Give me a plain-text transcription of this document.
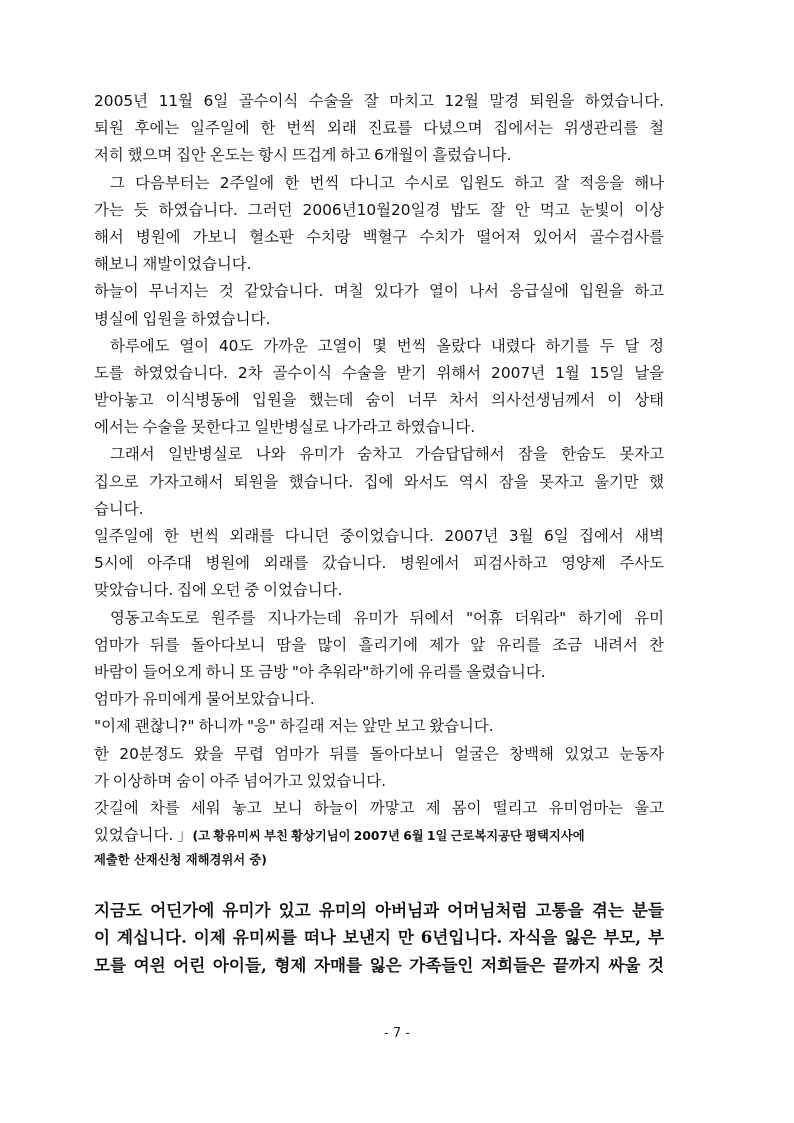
2005년 11월 6일 골수이식 수술을 잘 마치고 12월 말경 퇴원을 하였습니다.
퇴원 후에는 일주일에 한 번씩 외래 진료를 다녔으며 집에서는 위생관리를 철
저히 했으며 집안 온도는 항시 뜨겁게 하고 6개월이 흘렀습니다.
그 다음부터는 2주일에 한 번씩 다니고 수시로 입원도 하고 잘 적응을 해나
가는 듯 하였습니다. 그러던 2006년10월20일경 밥도 잘 안 먹고 눈빛이 이상
해서 병원에 가보니 혈소판 수치랑 백혈구 수치가 떨어져 있어서 골수검사를
해보니 재발이었습니다.
하늘이 무너지는 것 같았습니다. 며칠 있다가 열이 나서 응급실에 입원을 하고
병실에 입원을 하였습니다.
하루에도 열이 40도 가까운 고열이 몇 번씩 올랐다 내렸다 하기를 두 달 정
도를 하였었습니다. 2차 골수이식 수술을 받기 위해서 2007년 1월 15일 날을
받아놓고 이식병동에 입원을 했는데 숨이 너무 차서 의사선생님께서 이 상태
에서는 수술을 못한다고 일반병실로 나가라고 하였습니다.
그래서 일반병실로 나와 유미가 숨차고 가슴답답해서 잠을 한숨도 못자고
집으로 가자고해서 퇴원을 했습니다. 집에 와서도 역시 잠을 못자고 울기만 했
습니다.
일주일에 한 번씩 외래를 다니던 중이었습니다. 2007년 3월 6일 집에서 새벽
5시에 아주대 병원에 외래를 갔습니다. 병원에서 피검사하고 영양제 주사도
맞았습니다. 집에 오던 중 이었습니다.
영동고속도로 원주를 지나가는데 유미가 뒤에서 "어휴 더워라" 하기에 유미
엄마가 뒤를 돌아다보니 땀을 많이 흘리기에 제가 앞 유리를 조금 내려서 찬
바람이 들어오게 하니 또 금방 "아 추워라"하기에 유리를 올렸습니다.
엄마가 유미에게 물어보았습니다.
"이제 괜찮니?" 하니까 "응" 하길래 저는 앞만 보고 왔습니다.
한 20분정도 왔을 무렵 엄마가 뒤를 돌아다보니 얼굴은 창백해 있었고 눈동자
가 이상하며 숨이 아주 넘어가고 있었습니다.
갓길에 차를 세워 놓고 보니 하늘이 까맣고 제 몸이 떨리고 유미엄마는 울고
있었습니다. 」(고 황유미씨 부친 황상기님이 2007년 6월 1일 근로복지공단 평택지사에
제출한 산재신청 재해경위서 중)
지금도 어딘가에 유미가 있고 유미의 아버님과 어머님처럼 고통을 겪는 분들
이 계십니다. 이제 유미씨를 떠나 보낸지 만 6년입니다. 자식을 잃은 부모, 부
모를 여읜 어린 아이들, 형제 자매를 잃은 가족들인 저희들은 끝까지 싸울 것
- 7 -
